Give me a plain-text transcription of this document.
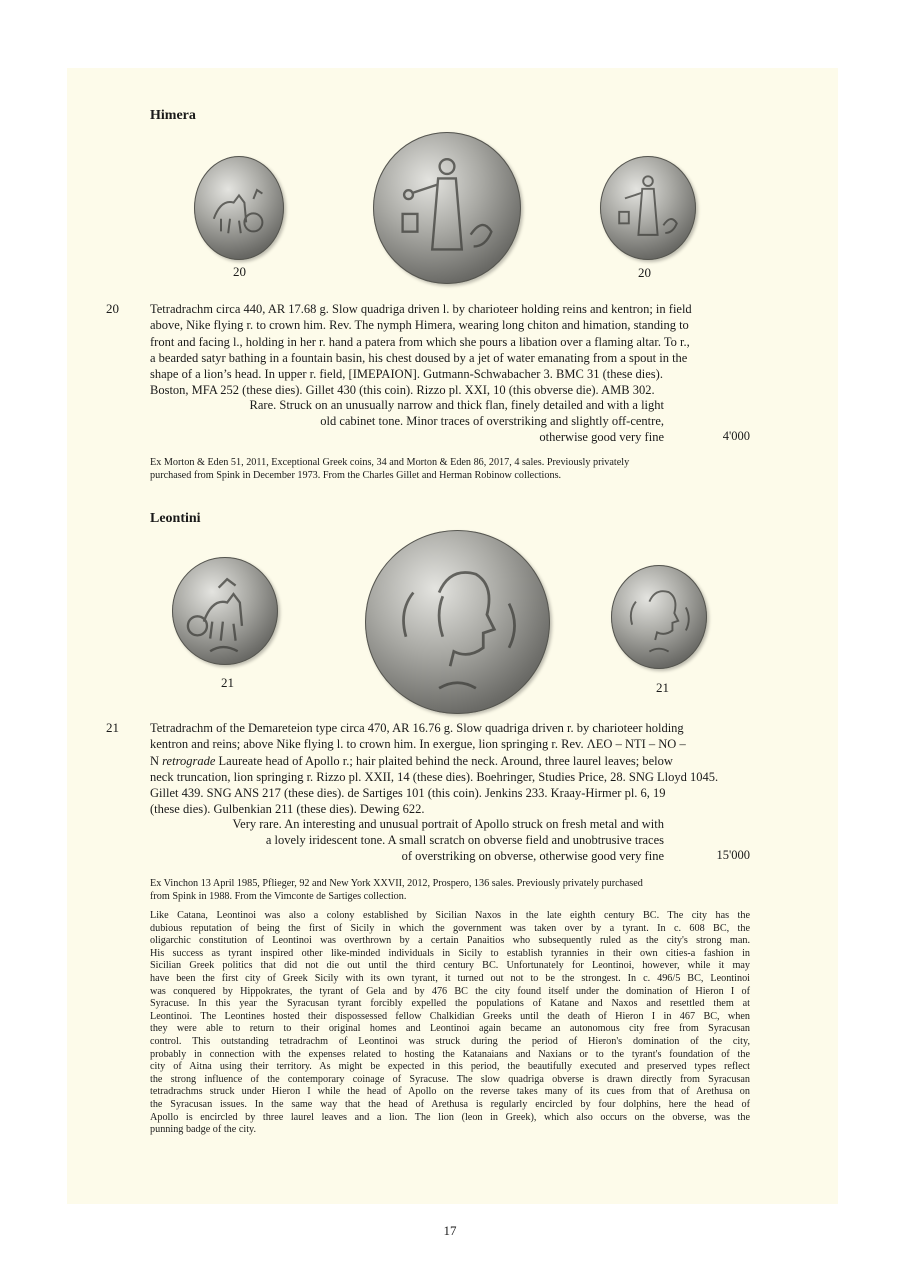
Himera
20	20
20 Tetradrachm circa 440, AR 17.68 g. Slow quadriga driven l. by charioteer holding reins and kentron; in field
above, Nike flying r. to crown him. Rev. The nymph Himera, wearing long chiton and himation, standing to
front and facing l., holding in her r. hand a patera from which she pours a libation over a flaming altar. To r.,
a bearded satyr bathing in a fountain basin, his chest doused by a jet of water emanating from a spout in the
shape of a lion’s head. In upper r. field, [IMEPAION]. Gutmann-Schwabacher 3. BMC 31 (these dies).
Boston, MFA 252 (these dies). Gillet 430 (this coin). Rizzo pl. XXI, 10 (this obverse die). AMB 302.
Rare. Struck on an unusually narrow and thick flan, finely detailed and with a light
old cabinet tone. Minor traces of overstriking and slightly off-centre,
otherwise good very fine	4'000
Ex Morton & Eden 51, 2011, Exceptional Greek coins, 34 and Morton & Eden 86, 2017, 4 sales. Previously privately
purchased from Spink in December 1973. From the Charles Gillet and Herman Robinow collections.
Leontini
21	21
21 Tetradrachm of the Demareteion type circa 470, AR 16.76 g. Slow quadriga driven r. by charioteer holding
kentron and reins; above Nike flying l. to crown him. In exergue, lion springing r. Rev. ΛEO – NTI – NO –
N retrograde Laureate head of Apollo r.; hair plaited behind the neck. Around, three laurel leaves; below
neck truncation, lion springing r. Rizzo pl. XXII, 14 (these dies). Boehringer, Studies Price, 28. SNG Lloyd 1045.
Gillet 439. SNG ANS 217 (these dies). de Sartiges 101 (this coin). Jenkins 233. Kraay-Hirmer pl. 6, 19
(these dies). Gulbenkian 211 (these dies). Dewing 622.
Very rare. An interesting and unusual portrait of Apollo struck on fresh metal and with
a lovely iridescent tone. A small scratch on obverse field and unobtrusive traces
of overstriking on obverse, otherwise good very fine	15'000
Ex Vinchon 13 April 1985, Pflieger, 92 and New York XXVII, 2012, Prospero, 136 sales. Previously privately purchased
from Spink in 1988. From the Vimconte de Sartiges collection.
Like Catana, Leontinoi was also a colony established by Sicilian Naxos in the late eighth century BC. The city has the
dubious reputation of being the first of Sicily in which the government was taken over by a tyrant. In c. 608 BC, the
oligarchic constitution of Leontinoi was overthrown by a certain Panaitios who subsequently ruled as the city's strong man.
His success as tyrant inspired other like-minded individuals in Sicily to establish tyrannies in their own cities-a fashion in
Sicilian Greek politics that did not die out until the third century BC. Unfortunately for Leontinoi, however, while it may
have been the first city of Greek Sicily with its own tyrant, it turned out not to be the strongest. In c. 496/5 BC, Leontinoi
was conquered by Hippokrates, the tyrant of Gela and by 476 BC the city found itself under the domination of Hieron I of
Syracuse. In this year the Syracusan tyrant forcibly expelled the populations of Katane and Naxos and resettled them at
Leontinoi. The Leontines hosted their dispossessed fellow Chalkidian Greeks until the death of Hieron I in 467 BC, when
they were able to return to their original homes and Leontinoi again became an autonomous city free from Syracusan
control. This outstanding tetradrachm of Leontinoi was struck during the period of Hieron's domination of the city,
probably in connection with the expenses related to hosting the Katanaians and Naxians or to the tyrant's foundation of the
city of Aitna using their territory. As might be expected in this period, the beautifully executed and preserved types reflect
the strong influence of the contemporary coinage of Syracuse. The slow quadriga obverse is drawn directly from Syracusan
tetradrachms struck under Hieron I while the head of Apollo on the reverse takes many of its cues from that of Arethusa on
the Syracusan issues. In the same way that the head of Arethusa is regularly encircled by four dolphins, here the head of
Apollo is encircled by three laurel leaves and a lion. The lion (leon in Greek), which also occurs on the obverse, was the
punning badge of the city.
17
